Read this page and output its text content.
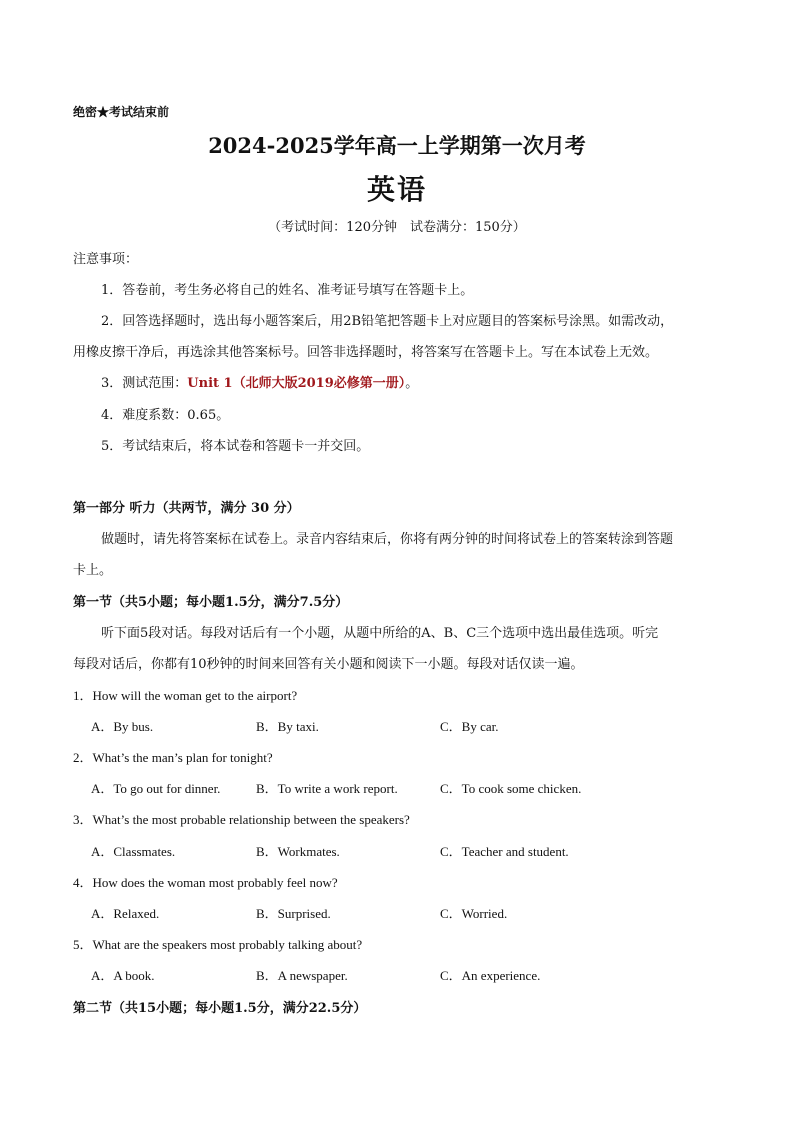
绝密★考试结束前
2024-2025学年高一上学期第一次月考
英语
（考试时间：120分钟　试卷满分：150分）
注意事项：
1．答卷前，考生务必将自己的姓名、准考证号填写在答题卡上。
2．回答选择题时，选出每小题答案后，用2B铅笔把答题卡上对应题目的答案标号涂黑。如需改动，
用橡皮擦干净后，再选涂其他答案标号。回答非选择题时，将答案写在答题卡上。写在本试卷上无效。
3．测试范围：Unit 1（北师大版2019必修第一册）。
4．难度系数：0.65。
5．考试结束后，将本试卷和答题卡一并交回。
第一部分 听力（共两节，满分 30 分）
做题时，请先将答案标在试卷上。录音内容结束后，你将有两分钟的时间将试卷上的答案转涂到答题
卡上。
第一节（共5小题；每小题1.5分，满分7.5分）
听下面5段对话。每段对话后有一个小题，从题中所给的A、B、C三个选项中选出最佳选项。听完
每段对话后，你都有10秒钟的时间来回答有关小题和阅读下一小题。每段对话仅读一遍。
1．How will the woman get to the airport?
A．By bus.	B．By taxi.	C．By car.
2．What’s the man’s plan for tonight?
A．To go out for dinner.	B．To write a work report.	C．To cook some chicken.
3．What’s the most probable relationship between the speakers?
A．Classmates.	B．Workmates.	C．Teacher and student.
4．How does the woman most probably feel now?
A．Relaxed.	B．Surprised.	C．Worried.
5．What are the speakers most probably talking about?
A．A book.	B．A newspaper.	C．An experience.
第二节（共15小题；每小题1.5分，满分22.5分）
